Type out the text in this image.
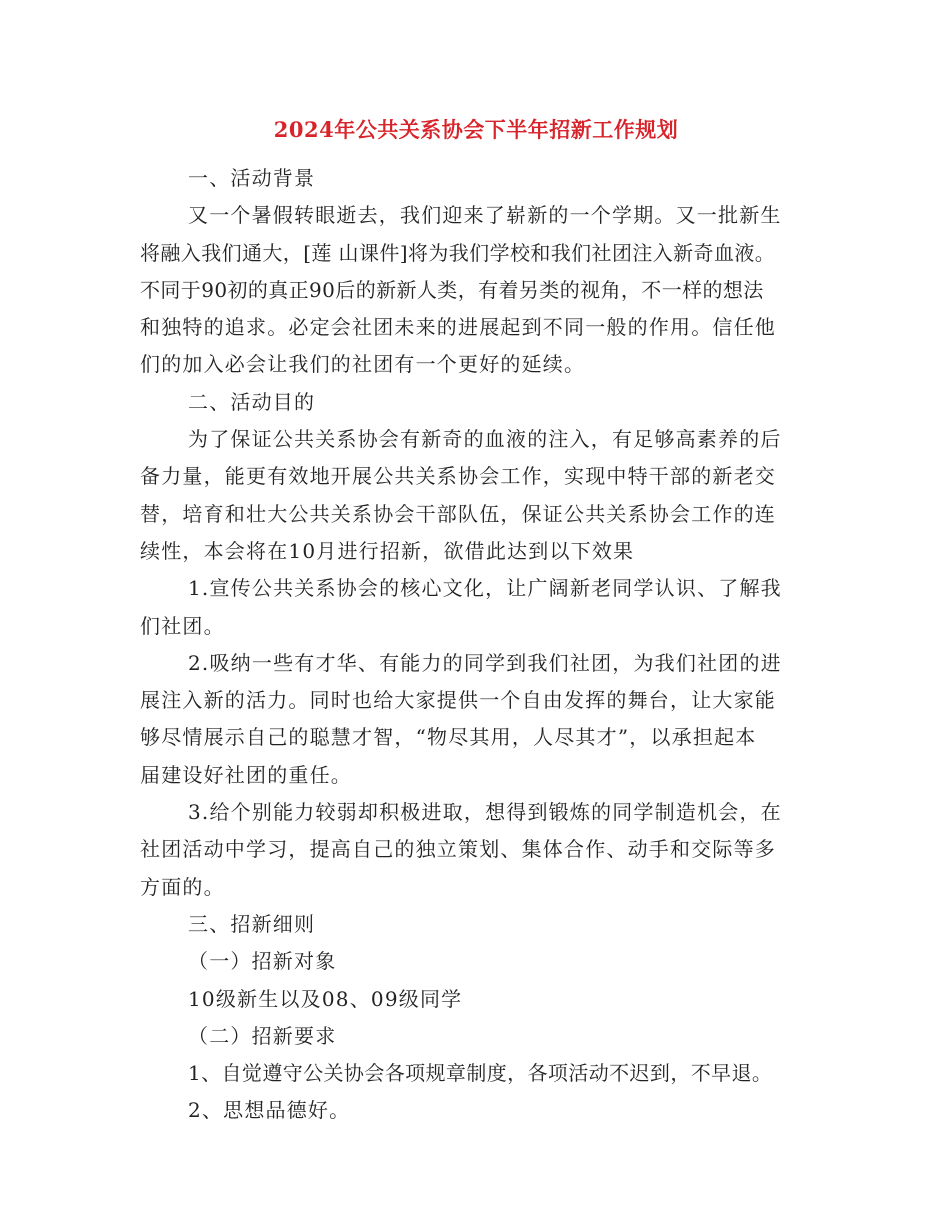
2024年公共关系协会下半年招新工作规划

一、活动背景

又一个暑假转眼逝去，我们迎来了崭新的一个学期。又一批新生

将融入我们通大，[莲 山课件]将为我们学校和我们社团注入新奇血液。

不同于90初的真正90后的新新人类，有着另类的视角，不一样的想法

和独特的追求。必定会社团未来的进展起到不同一般的作用。信任他

们的加入必会让我们的社团有一个更好的延续。

二、活动目的

为了保证公共关系协会有新奇的血液的注入，有足够高素养的后

备力量，能更有效地开展公共关系协会工作，实现中特干部的新老交

替，培育和壮大公共关系协会干部队伍，保证公共关系协会工作的连

续性，本会将在10月进行招新，欲借此达到以下效果

1.宣传公共关系协会的核心文化，让广阔新老同学认识、了解我

们社团。

2.吸纳一些有才华、有能力的同学到我们社团，为我们社团的进

展注入新的活力。同时也给大家提供一个自由发挥的舞台，让大家能

够尽情展示自己的聪慧才智，“物尽其用，人尽其才”，以承担起本

届建设好社团的重任。

3.给个别能力较弱却积极进取，想得到锻炼的同学制造机会，在

社团活动中学习，提高自己的独立策划、集体合作、动手和交际等多

方面的。

三、招新细则

（一）招新对象

10级新生以及08、09级同学

（二）招新要求

1、自觉遵守公关协会各项规章制度，各项活动不迟到，不早退。

2、思想品德好。
